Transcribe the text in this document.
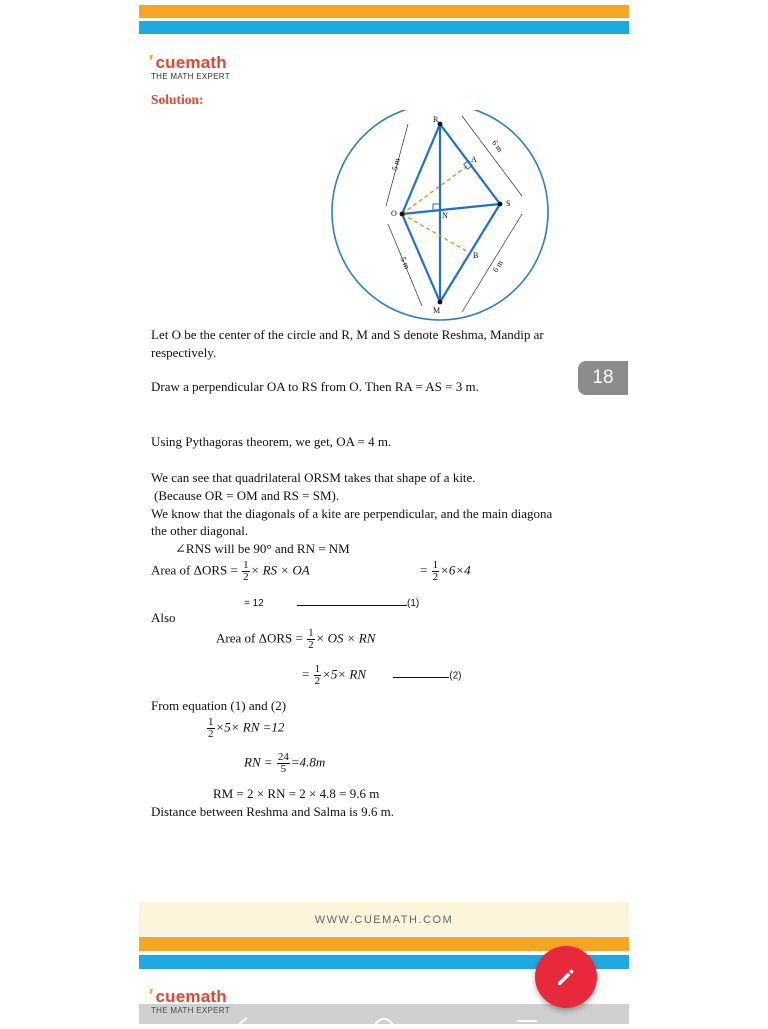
′ cuemath
THE MATH EXPERT
Solution:
R
S
M
O
A
B
N
5 m
6 m
5 m	6 m
Let O be the center of the circle and R, M and S denote Reshma, Mandip ar
respectively.
Draw a perpendicular OA to RS from O. Then RA = AS = 3 m.	18
Using Pythagoras theorem, we get, OA = 4 m.
We can see that quadrilateral ORSM takes that shape of a kite.
(Because OR = OM and RS = SM).
We know that the diagonals of a kite are perpendicular, and the main diagona
the other diagonal.
∠RNS will be 90° and RN = NM
Area of $\Delta ORS = \frac{1}{2}$ × RS × OA	= $\frac{1}{2} \times 6\times 4$
= 12	(1)
Also
Area of $\Delta ORS = \frac{1}{2}$ × OS × RN
= $\frac{1}{2} \times 5\times$ RN	(2)
From equation (1) and (2)
$\frac{1}{2} \times 5\times$ RN =12
RN = $\frac{24}{5} =4.8m$
RM = 2 × RN = 2 × 4.8 = 9.6 m
Distance between Reshma and Salma is 9.6 m.
WWW.CUEMATH.COM
′ cuemath
THE MATH EXPERT
